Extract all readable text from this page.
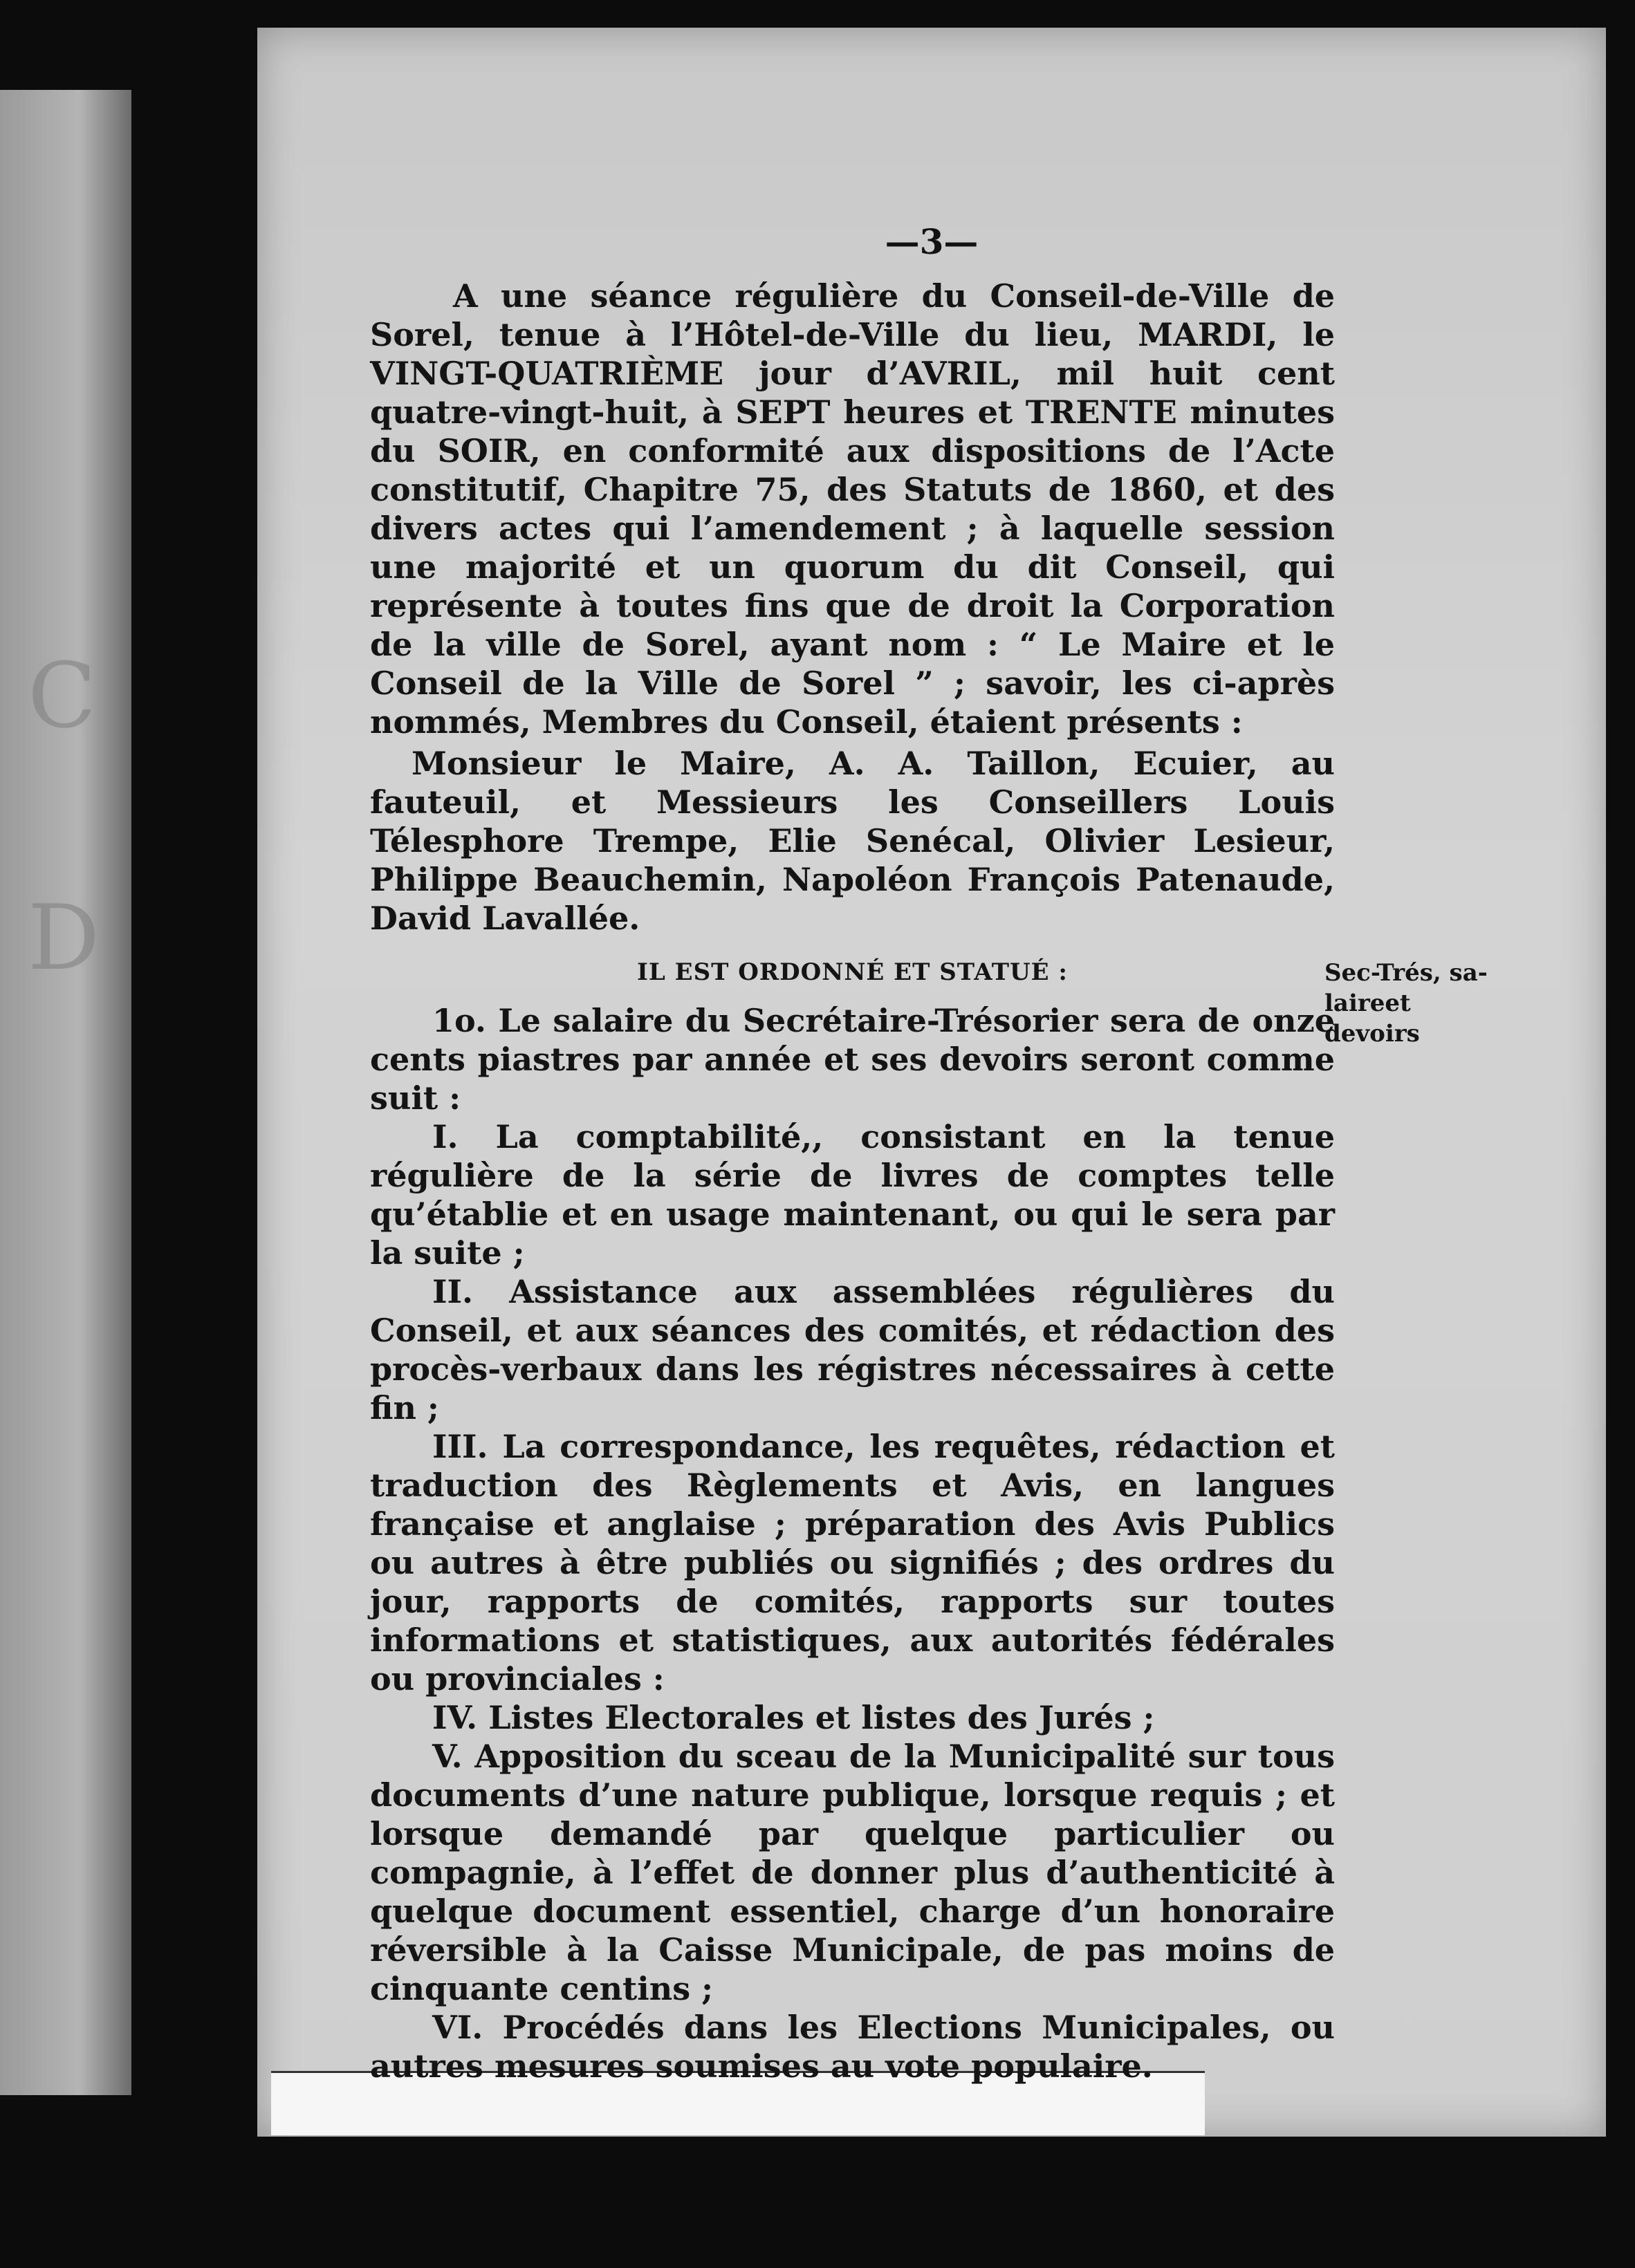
C
D
—3—

A une séance régulière du Conseil-de-Ville de Sorel, tenue à l’Hôtel-de-Ville du lieu, MARDI, le VINGT-QUATRIÈME jour d’AVRIL, mil huit cent quatre-vingt-huit, à SEPT heures et TRENTE minutes du SOIR, en conformité aux dispositions de l’Acte constitutif, Chapitre 75, des Statuts de 1860, et des divers actes qui l’amendement ; à laquelle session une majorité et un quorum du dit Conseil, qui représente à toutes fins que de droit la Corporation de la ville de Sorel, ayant nom : “ Le Maire et le Conseil de la Ville de Sorel ” ; savoir, les ci-après nommés, Membres du Conseil, étaient présents :

Monsieur le Maire, A. A. Taillon, Ecuier, au fauteuil, et Messieurs les Conseillers Louis Télesphore Trempe, Elie Senécal, Olivier Lesieur, Philippe Beauchemin, Napoléon François Patenaude, David Lavallée.

IL EST ORDONNÉ ET STATUÉ :

1o. Le salaire du Secrétaire-Trésorier sera de onze cents piastres par année et ses devoirs seront comme suit :

I. La comptabilité,, consistant en la tenue régulière de la série de livres de comptes telle qu’établie et en usage maintenant, ou qui le sera par la suite ;

II. Assistance aux assemblées régulières du Conseil, et aux séances des comités, et rédaction des procès-verbaux dans les régistres nécessaires à cette fin ;

III. La correspondance, les requêtes, rédaction et traduction des Règlements et Avis, en langues française et anglaise ; préparation des Avis Publics ou autres à être publiés ou signifiés ; des ordres du jour, rapports de comités, rapports sur toutes informations et statistiques, aux autorités fédérales ou provinciales :

IV. Listes Electorales et listes des Jurés ;

V. Apposition du sceau de la Municipalité sur tous documents d’une nature publique, lorsque requis ; et lorsque demandé par quelque particulier ou compagnie, à l’effet de donner plus d’authenticité à quelque document essentiel, charge d’un honoraire réversible à la Caisse Municipale, de pas moins de cinquante centins ;

VI. Procédés dans les Elections Municipales, ou autres mesures soumises au vote populaire.

Sec-Trés, sa-
laireet devoirs
